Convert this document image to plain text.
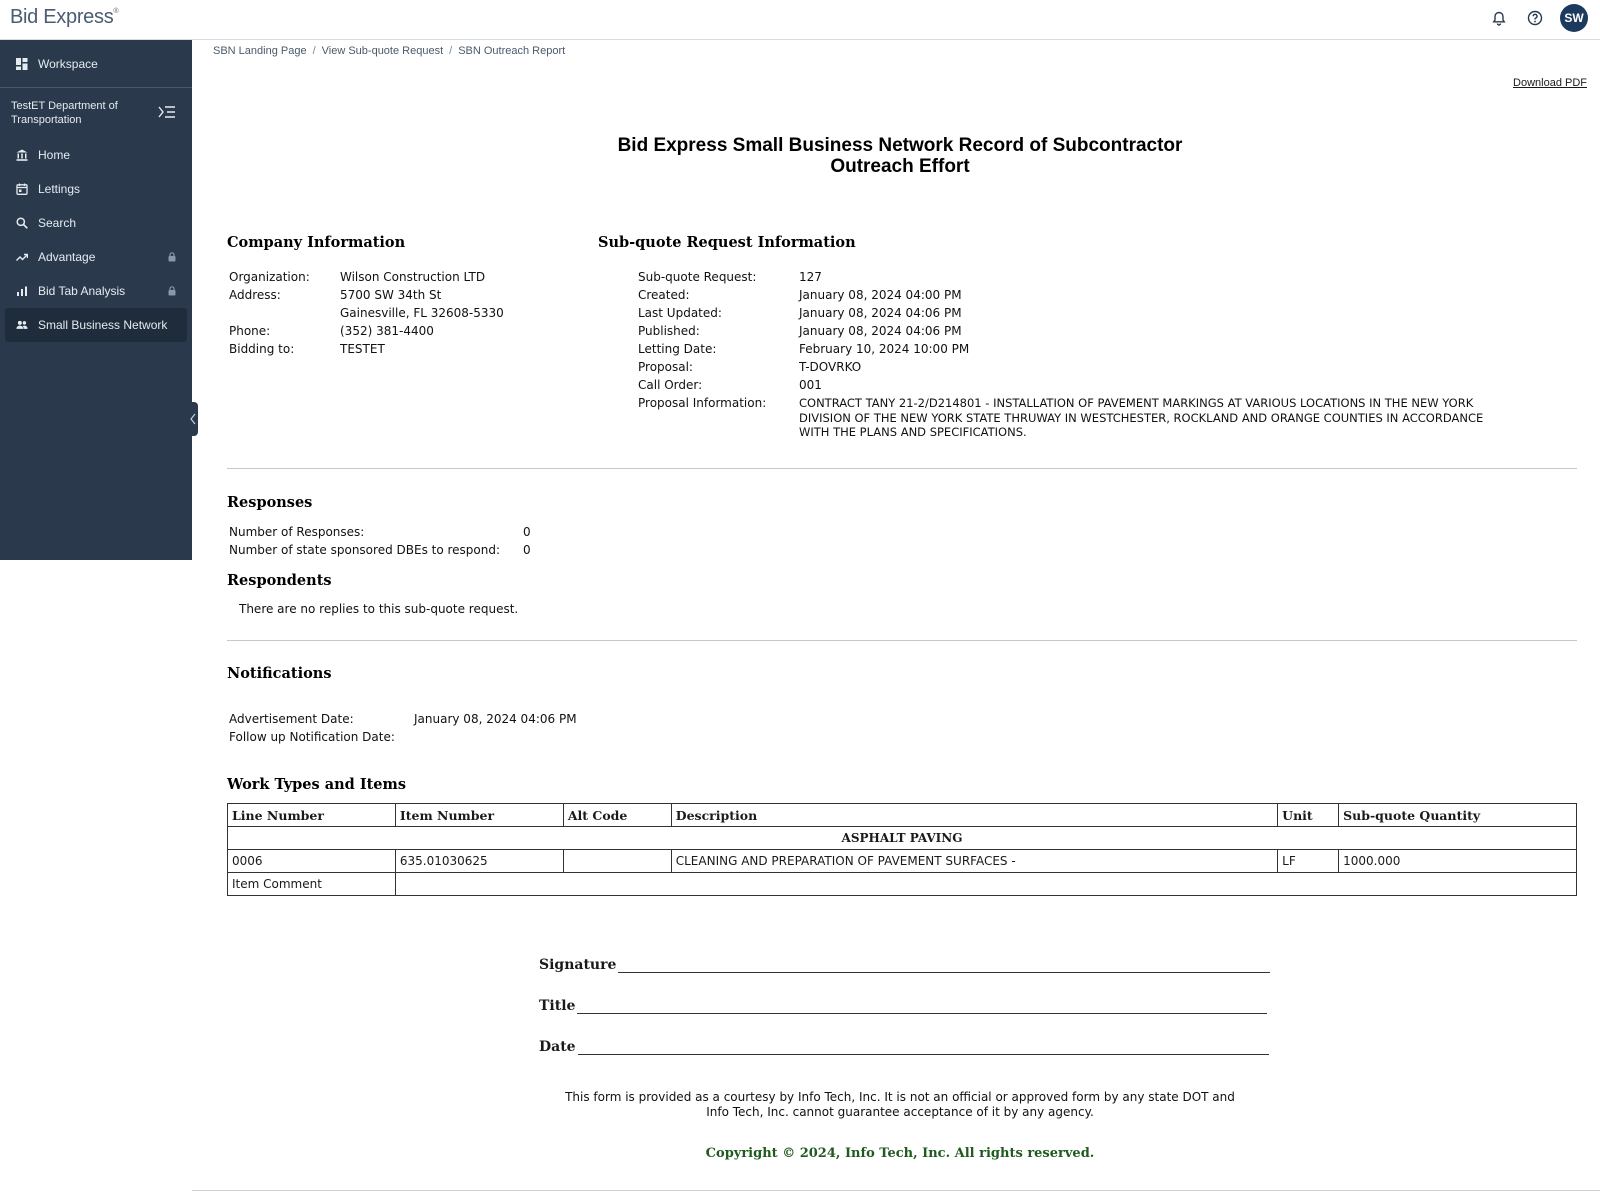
Bid Express®	SW
Workspace
TestET Department of Transportation
Home
Lettings
Search
Advantage
Bid Tab Analysis
Small Business Network
SBN Landing Page / View Sub-quote Request / SBN Outreach Report
Download PDF
Bid Express Small Business Network Record of Subcontractor
Outreach Effort
Company Information
Organization:	Wilson Construction LTD
Address:	5700 SW 34th St
Gainesville, FL 32608-5330
Phone:	(352) 381-4400
Bidding to:	TESTET
Sub-quote Request Information
Sub-quote Request:	127
Created:	January 08, 2024 04:00 PM
Last Updated:	January 08, 2024 04:06 PM
Published:	January 08, 2024 04:06 PM
Letting Date:	February 10, 2024 10:00 PM
Proposal:	T-DOVRKO
Call Order:	001
Proposal Information:	CONTRACT TANY 21-2/D214801 - INSTALLATION OF PAVEMENT MARKINGS AT VARIOUS LOCATIONS IN THE NEW YORK
DIVISION OF THE NEW YORK STATE THRUWAY IN WESTCHESTER, ROCKLAND AND ORANGE COUNTIES IN ACCORDANCE
WITH THE PLANS AND SPECIFICATIONS.
Responses
Number of Responses:	0
Number of state sponsored DBEs to respond:	0
Respondents
There are no replies to this sub-quote request.
Notifications
Advertisement Date:	January 08, 2024 04:06 PM
Follow up Notification Date:
Work Types and Items
Line Number	Item Number	Alt Code	Description	Unit	Sub-quote Quantity
ASPHALT PAVING					
0006	635.01030625		CLEANING AND PREPARATION OF PAVEMENT SURFACES -	LF	1000.000
Item Comment					
Signature
Title
Date
This form is provided as a courtesy by Info Tech, Inc. It is not an official or approved form by any state DOT and
Info Tech, Inc. cannot guarantee acceptance of it by any agency.
Copyright © 2024, Info Tech, Inc. All rights reserved.
